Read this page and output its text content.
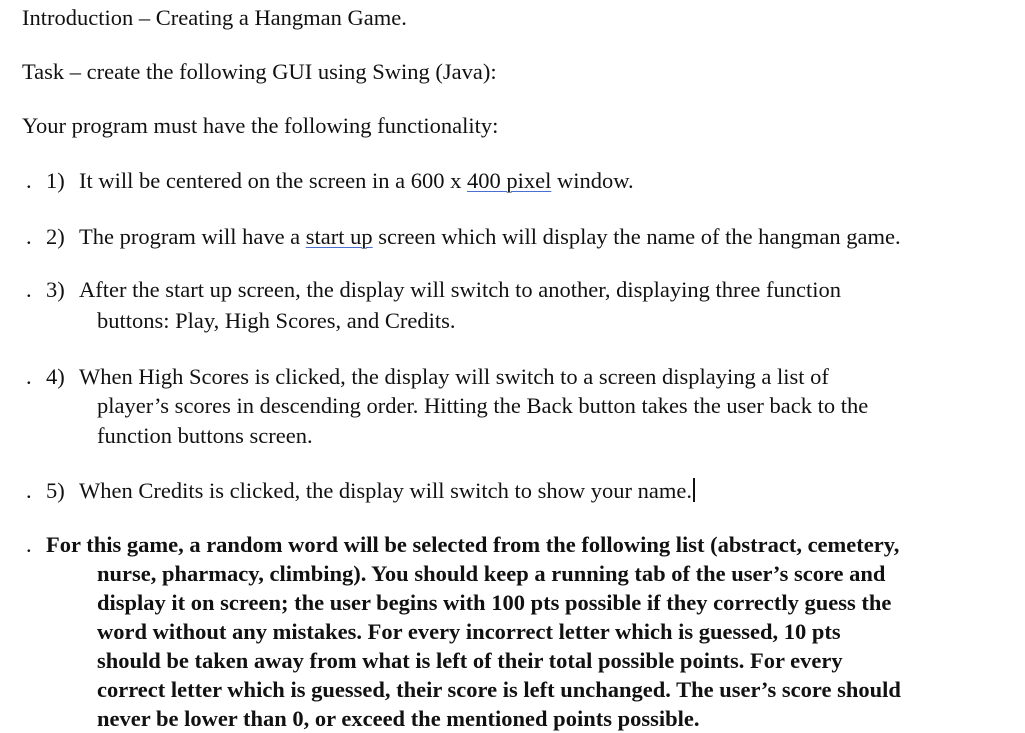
Introduction – Creating a Hangman Game.
Task – create the following GUI using Swing (Java):
Your program must have the following functionality:
. 1) It will be centered on the screen in a 600 x 400 pixel window.
. 2) The program will have a start up screen which will display the name of the hangman game.
. 3) After the start up screen, the display will switch to another, displaying three function
buttons: Play, High Scores, and Credits.
. 4) When High Scores is clicked, the display will switch to a screen displaying a list of
player’s scores in descending order. Hitting the Back button takes the user back to the
function buttons screen.
. 5) When Credits is clicked, the display will switch to show your name.
. For this game, a random word will be selected from the following list (abstract, cemetery,
nurse, pharmacy, climbing). You should keep a running tab of the user’s score and
display it on screen; the user begins with 100 pts possible if they correctly guess the
word without any mistakes. For every incorrect letter which is guessed, 10 pts
should be taken away from what is left of their total possible points. For every
correct letter which is guessed, their score is left unchanged. The user’s score should
never be lower than 0, or exceed the mentioned points possible.
